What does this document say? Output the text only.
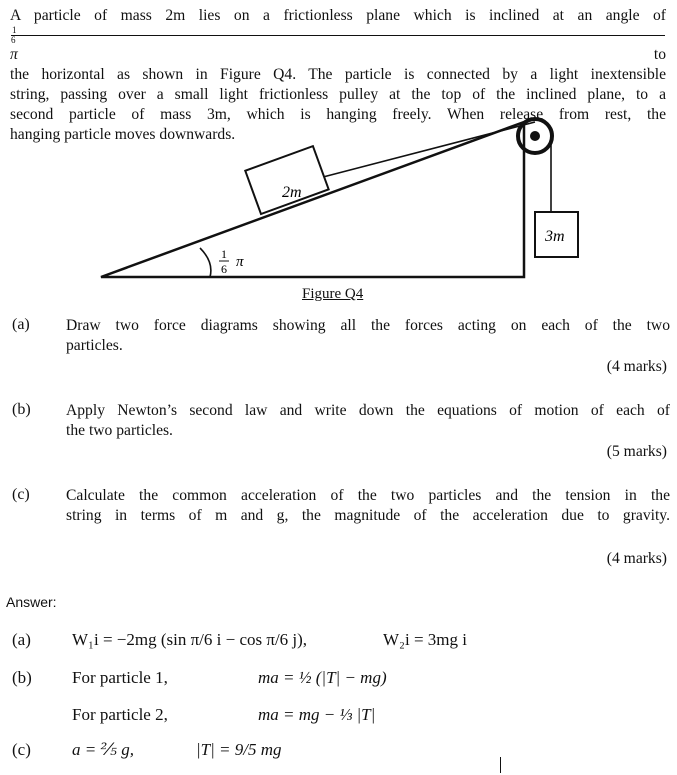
A particle of mass 2m lies on a frictionless plane which is inclined at an angle of
1
6
π	to
the horizontal as shown in Figure Q4. The particle is connected by a light inextensible
string, passing over a small light frictionless pulley at the top of the inclined plane, to a
second particle of mass 3m, which is hanging freely. When release from rest, the
hanging particle moves downwards.
2m
3m
1
6 π
Figure Q4
(a) Draw two force diagrams showing all the forces acting on each of the two
particles.
(4 marks)
(b) Apply Newton’s second law and write down the equations of motion of each of
the two particles.
(5 marks)
(c) Calculate the common acceleration of the two particles and the tension in the
string in terms of m and g, the magnitude of the acceleration due to gravity.
(4 marks)
Answer:
(a) W₁i = −2mg (sin π/6 i − cos π/6 j),	W₂i = 3mg i
(b) For particle 1,	ma = ½ (|T| − mg)
For particle 2,	ma = mg − ⅓ |T|
(c) a = ⅖ g,	|T| = 9/5 mg
